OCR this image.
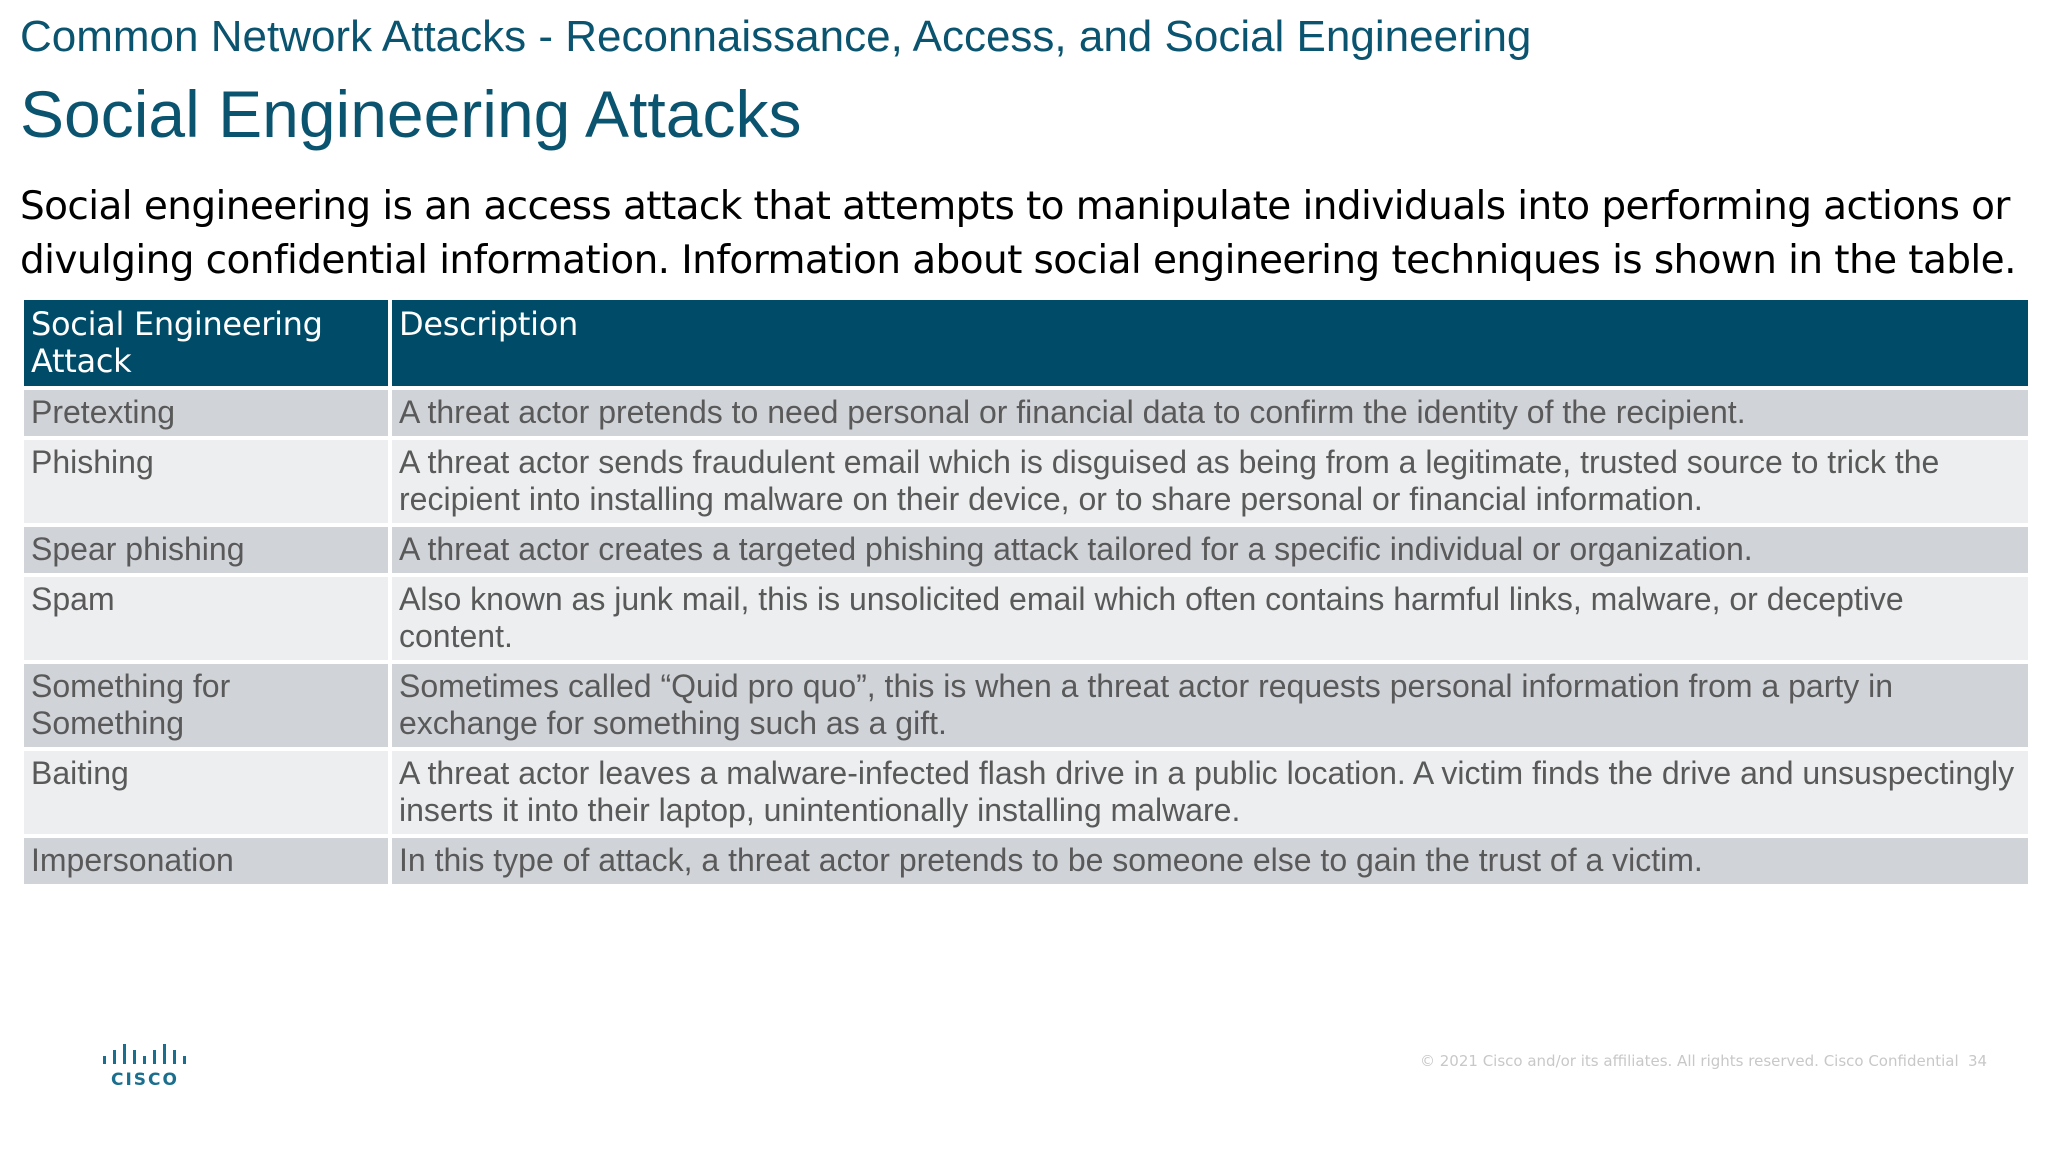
Common Network Attacks - Reconnaissance, Access, and Social Engineering
Social Engineering Attacks
Social engineering is an access attack that attempts to manipulate individuals into performing actions or divulging confidential information. Information about social engineering techniques is shown in the table.
Social Engineering Attack	Description
Pretexting	A threat actor pretends to need personal or financial data to confirm the identity of the recipient.
Phishing	A threat actor sends fraudulent email which is disguised as being from a legitimate, trusted source to trick the recipient into installing malware on their device, or to share personal or financial information.
Spear phishing	A threat actor creates a targeted phishing attack tailored for a specific individual or organization.
Spam	Also known as junk mail, this is unsolicited email which often contains harmful links, malware, or deceptive content.
Something for Something	Sometimes called “Quid pro quo”, this is when a threat actor requests personal information from a party in exchange for something such as a gift.
Baiting	A threat actor leaves a malware-infected flash drive in a public location. A victim finds the drive and unsuspectingly inserts it into their laptop, unintentionally installing malware.
Impersonation	In this type of attack, a threat actor pretends to be someone else to gain the trust of a victim.
CISCO
© 2021 Cisco and/or its affiliates. All rights reserved. Cisco Confidential 34
